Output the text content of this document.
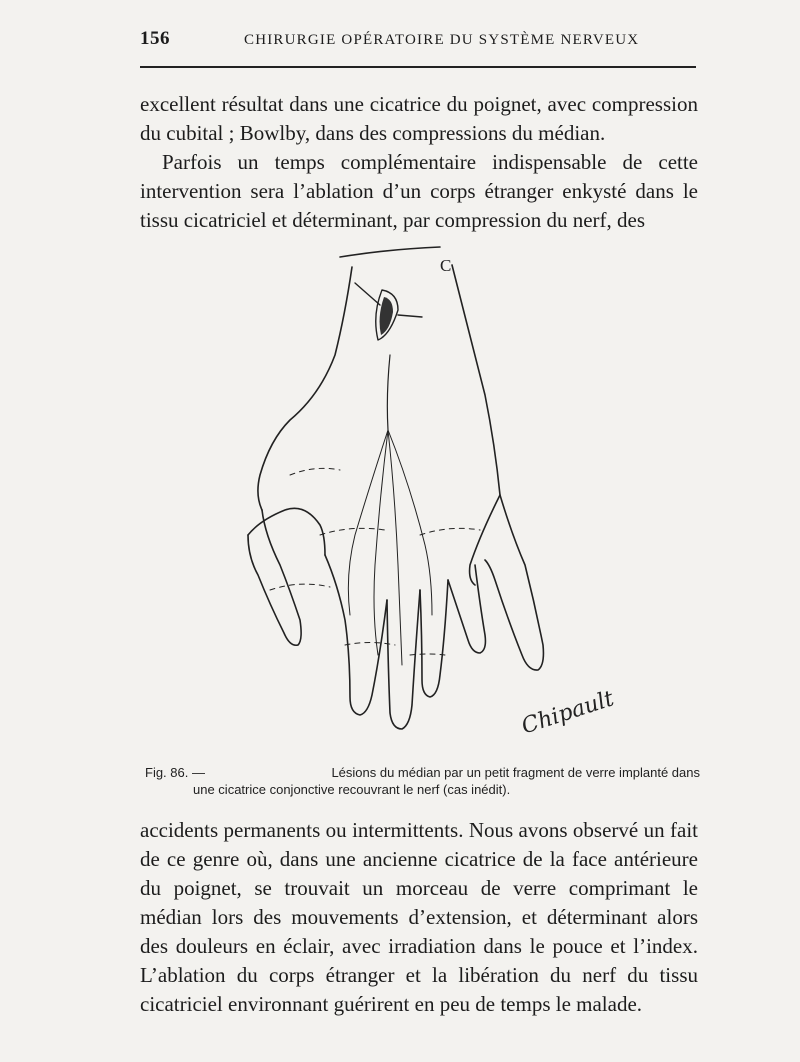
156	CHIRURGIE OPÉRATOIRE DU SYSTÈME NERVEUX

excellent résultat dans une cicatrice du poignet, avec compression du cubital ; Bowlby, dans des compressions du médian.

Parfois un temps complémentaire indispensable de cette intervention sera l’ablation d’un corps étranger enkysté dans le tissu cicatriciel et déterminant, par compression du nerf, des

C
Chipault
Fig. 86. —	Lésions du médian par un petit fragment de verre implanté dans
une cicatrice conjonctive recouvrant le nerf (cas inédit).

accidents permanents ou intermittents. Nous avons observé un fait de ce genre où, dans une ancienne cicatrice de la face antérieure du poignet, se trouvait un morceau de verre comprimant le médian lors des mouvements d’extension, et déterminant alors des douleurs en éclair, avec irradiation dans le pouce et l’index. L’ablation du corps étranger et la libération du nerf du tissu cicatriciel environnant guérirent en peu de temps le malade.
